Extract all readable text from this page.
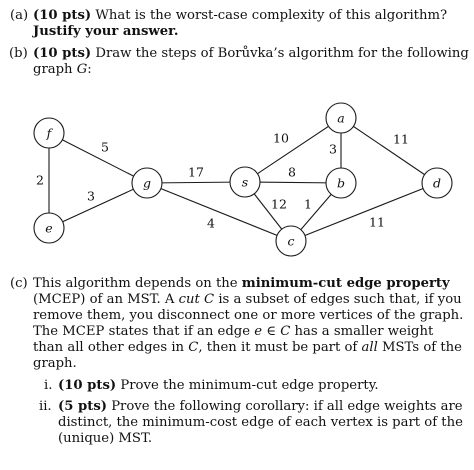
(a) (10 pts) What is the worst-case complexity of this algorithm?
Justify your answer.
(b) (10 pts) Draw the steps of Borůvka’s algorithm for the following
graph G:
f
e
g	s
a
b
c
d
5
2
3
17
4
10
8
12
3
11
1
11
(c) This algorithm depends on the minimum-cut edge property
(MCEP) of an MST. A cut C is a subset of edges such that, if you
remove them, you disconnect one or more vertices of the graph.
The MCEP states that if an edge e ∈ C has a smaller weight
than all other edges in C, then it must be part of all MSTs of the
graph.
i. (10 pts) Prove the minimum-cut edge property.
ii. (5 pts) Prove the following corollary: if all edge weights are
distinct, the minimum-cost edge of each vertex is part of the
(unique) MST.
